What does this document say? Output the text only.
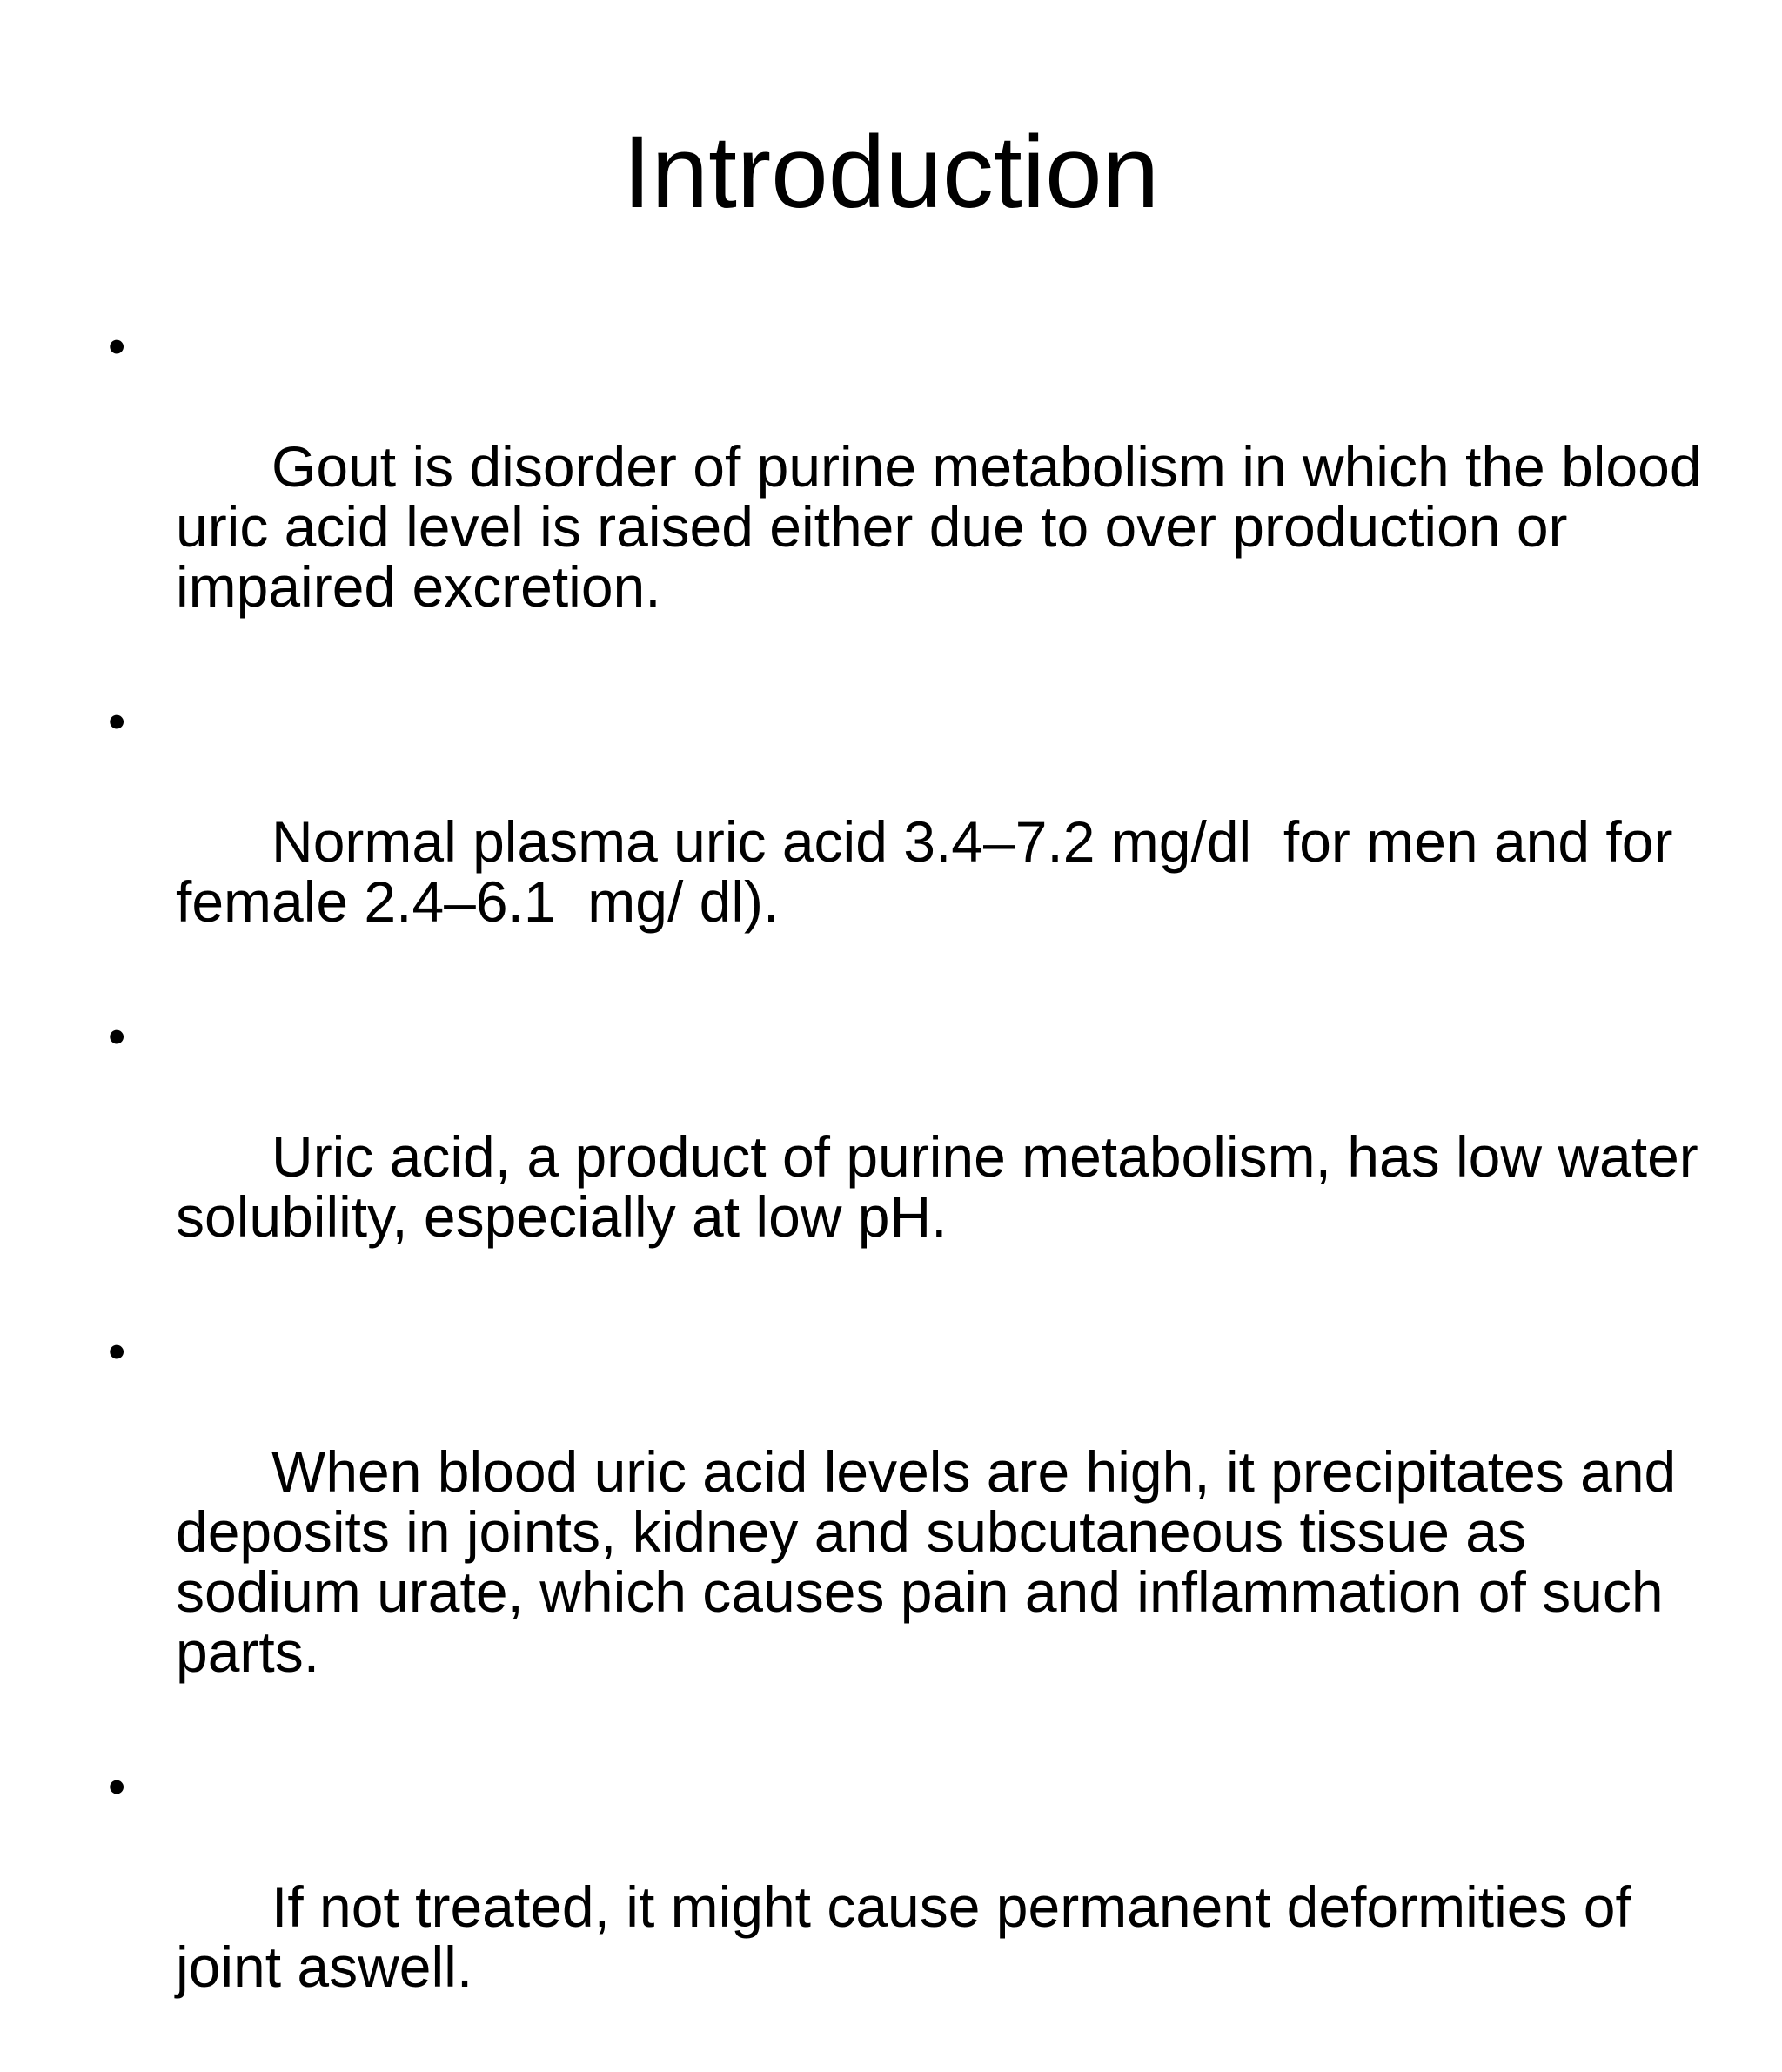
Introduction

•

Gout is disorder of purine metabolism in which the blood
uric acid level is raised either due to over production or
impaired excretion.

•

Normal plasma uric acid 3.4–7.2 mg/dl  for men and for
female 2.4–6.1  mg/ dl).

•

Uric acid, a product of purine metabolism, has low water
solubility, especially at low pH.

•

When blood uric acid levels are high, it precipitates and
deposits in joints, kidney and subcutaneous tissue as
sodium urate, which causes pain and inflammation of such
parts.

•

If not treated, it might cause permanent deformities of
joint aswell.
